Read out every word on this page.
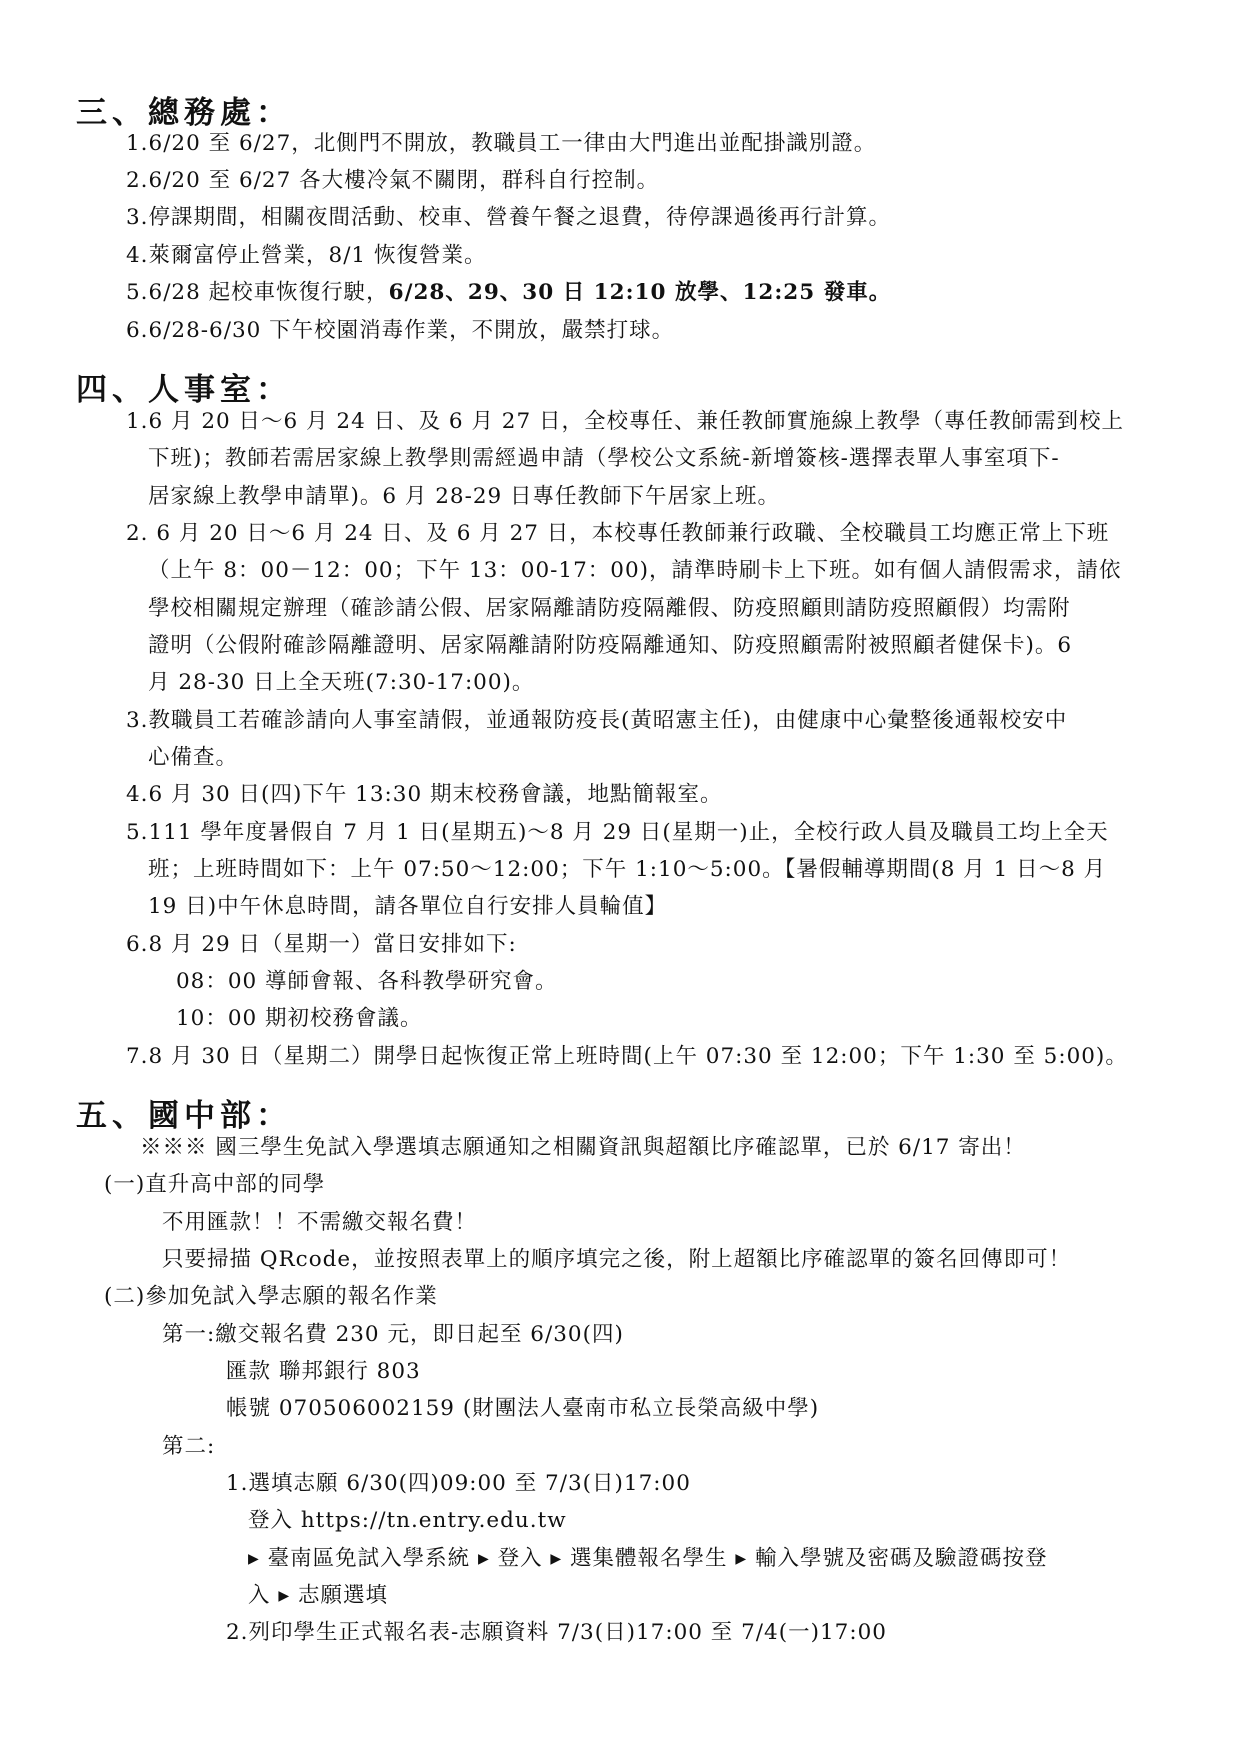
三、總務處：
1.6/20 至 6/27，北側門不開放，教職員工一律由大門進出並配掛識別證。
2.6/20 至 6/27 各大樓冷氣不關閉，群科自行控制。
3.停課期間，相關夜間活動、校車、營養午餐之退費，待停課過後再行計算。
4.萊爾富停止營業，8/1 恢復營業。
5.6/28 起校車恢復行駛，6/28、29、30 日 12:10 放學、12:25 發車。
6.6/28-6/30 下午校園消毒作業，不開放，嚴禁打球。
四、人事室：
1.6 月 20 日～6 月 24 日、及 6 月 27 日，全校專任、兼任教師實施線上教學（專任教師需到校上
下班)；教師若需居家線上教學則需經過申請（學校公文系統-新增簽核-選擇表單人事室項下-
居家線上教學申請單)。6 月 28-29 日專任教師下午居家上班。
2. 6 月 20 日～6 月 24 日、及 6 月 27 日，本校專任教師兼行政職、全校職員工均應正常上下班
（上午 8：00－12：00；下午 13：00-17：00)，請準時刷卡上下班。如有個人請假需求，請依
學校相關規定辦理（確診請公假、居家隔離請防疫隔離假、防疫照顧則請防疫照顧假）均需附
證明（公假附確診隔離證明、居家隔離請附防疫隔離通知、防疫照顧需附被照顧者健保卡)。6
月 28-30 日上全天班(7:30-17:00)。
3.教職員工若確診請向人事室請假，並通報防疫長(黃昭憲主任)，由健康中心彙整後通報校安中
心備查。
4.6 月 30 日(四)下午 13:30 期末校務會議，地點簡報室。
5.111 學年度暑假自 7 月 1 日(星期五)～8 月 29 日(星期一)止，全校行政人員及職員工均上全天
班；上班時間如下：上午 07:50～12:00；下午 1:10～5:00。【暑假輔導期間(8 月 1 日～8 月
19 日)中午休息時間，請各單位自行安排人員輪值】
6.8 月 29 日（星期一）當日安排如下:
08：00 導師會報、各科教學研究會。
10：00 期初校務會議。
7.8 月 30 日（星期二）開學日起恢復正常上班時間(上午 07:30 至 12:00；下午 1:30 至 5:00)。
五、國中部：
※※※ 國三學生免試入學選填志願通知之相關資訊與超額比序確認單，已於 6/17 寄出！
(一)直升高中部的同學
不用匯款！！不需繳交報名費！
只要掃描 QRcode，並按照表單上的順序填完之後，附上超額比序確認單的簽名回傳即可！
(二)參加免試入學志願的報名作業
第一:繳交報名費 230 元，即日起至 6/30(四)
匯款 聯邦銀行 803
帳號 070506002159 (財團法人臺南市私立長榮高級中學)
第二:
1.選填志願 6/30(四)09:00 至 7/3(日)17:00
登入 https://tn.entry.edu.tw
▸ 臺南區免試入學系統 ▸ 登入 ▸ 選集體報名學生 ▸ 輸入學號及密碼及驗證碼按登
入 ▸ 志願選填
2.列印學生正式報名表-志願資料 7/3(日)17:00 至 7/4(一)17:00
